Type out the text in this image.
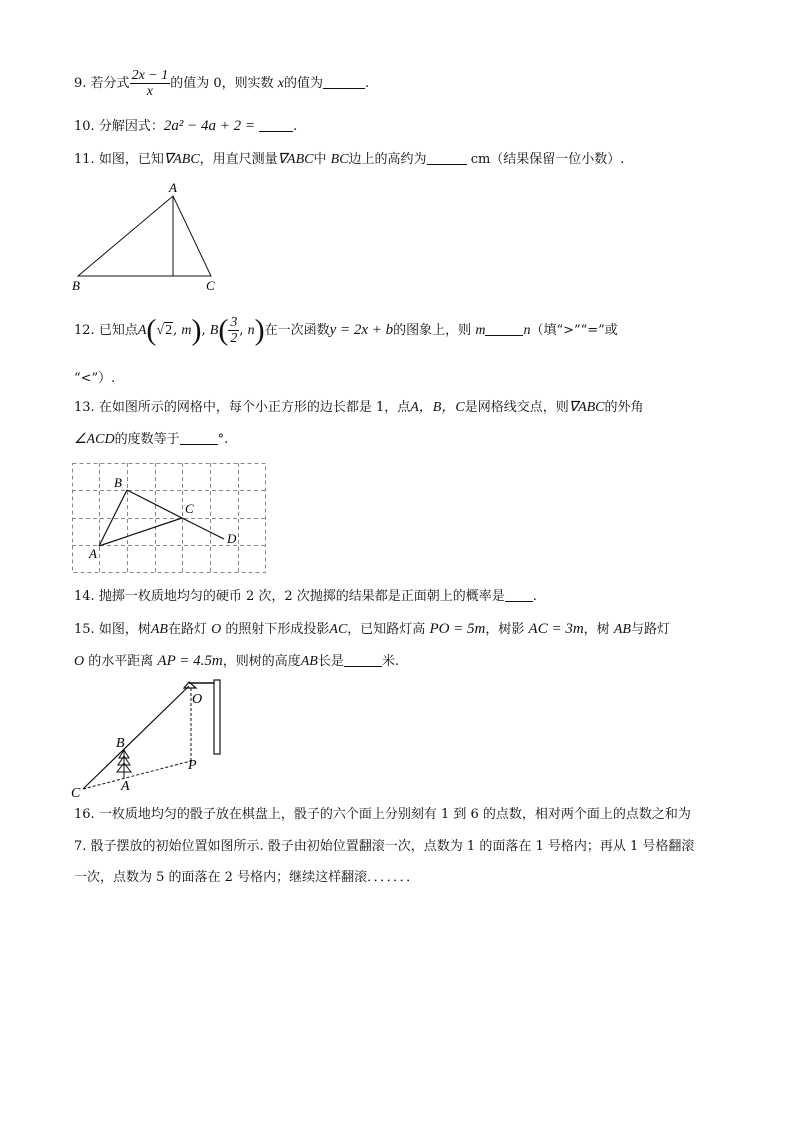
9. 若分式 $\frac{2x - 1}{x}$ 的值为 0，则实数 x的值为	.
10. 分解因式：2a² − 4a + 2 =	.
11. 如图，已知∇ABC，用直尺测量∇ABC中 BC边上的高约为	cm（结果保留一位小数）.
A
B	C
12. 已知点A(√2, m), $B( \frac{3}{2}$ , n)在一次函数y = 2x + b的图象上，则 m	n（填“>”“=”或
“<”）.
13. 在如图所示的网格中，每个小正方形的边长都是 1，点A，B，C是网格线交点，则∇ABC的外角
∠ACD的度数等于	°.
B
C
A
D
14. 抛掷一枚质地均匀的硬币 2 次，2 次抛掷的结果都是正面朝上的概率是 .
15. 如图，树AB在路灯 O 的照射下形成投影AC，已知路灯高 PO = 5m，树影 AC = 3m，树 AB与路灯
O 的水平距离 AP = 4.5m，则树的高度AB长是	米.
O
B
P
A
C
16. 一枚质地均匀的骰子放在棋盘上，骰子的六个面上分别刻有 1 到 6 的点数，相对两个面上的点数之和为
7. 骰子摆放的初始位置如图所示. 骰子由初始位置翻滚一次，点数为 1 的面落在 1 号格内；再从 1 号格翻滚
一次，点数为 5 的面落在 2 号格内；继续这样翻滚．．．．．．．
